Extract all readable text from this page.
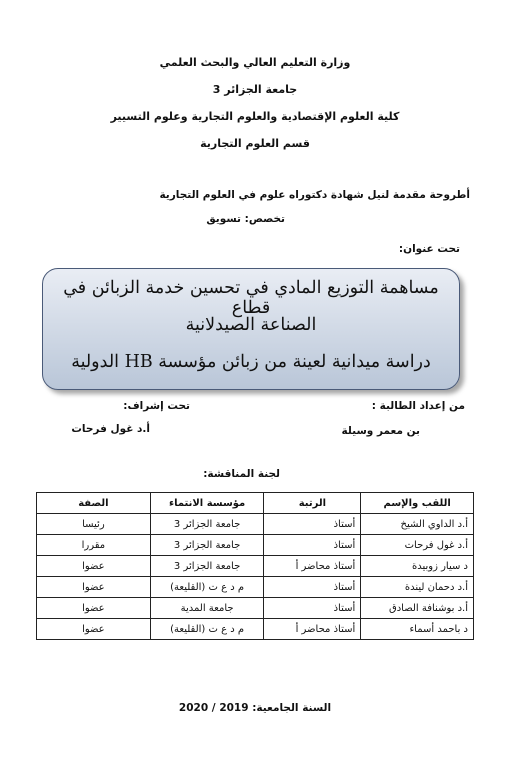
وزارة التعليم العالي والبحث العلمي
جامعة الجزائر 3
كلية العلوم الإقتصادية والعلوم التجارية وعلوم التسيير
قسم العلوم التجارية
أطروحة مقدمة لنيل شهادة دكتوراه علوم في العلوم التجارية
تخصص: تسويق
تحت عنوان:
مساهمة التوزيع المادي في تحسين خدمة الزبائن في قطاع
الصناعة الصيدلانية
دراسة ميدانية لعينة من زبائن مؤسسة HB الدولية
من إعداد الطالبة :
بن معمر وسيلة
تحت إشراف:
أ.د غول فرحات
لجنة المناقشة:
اللقب والإسم	الرتبة	مؤسسة الانتماء	الصفة
أ.د الداوي الشيخ	أستاذ	جامعة الجزائر 3	رئيسا
أ.د غول فرحات	أستاذ	جامعة الجزائر 3	مقررا
د سيار زوبيدة	أستاذ محاضر أ	جامعة الجزائر 3	عضوا
أ.د دحمان ليندة	أستاذ	م د ع ت (القليعة)	عضوا
أ.د بوشنافة الصادق	أستاذ	جامعة المدية	عضوا
د باحمد أسماء	أستاذ محاضر أ	م د ع ت (القليعة)	عضوا
السنة الجامعية: 2019 / 2020
